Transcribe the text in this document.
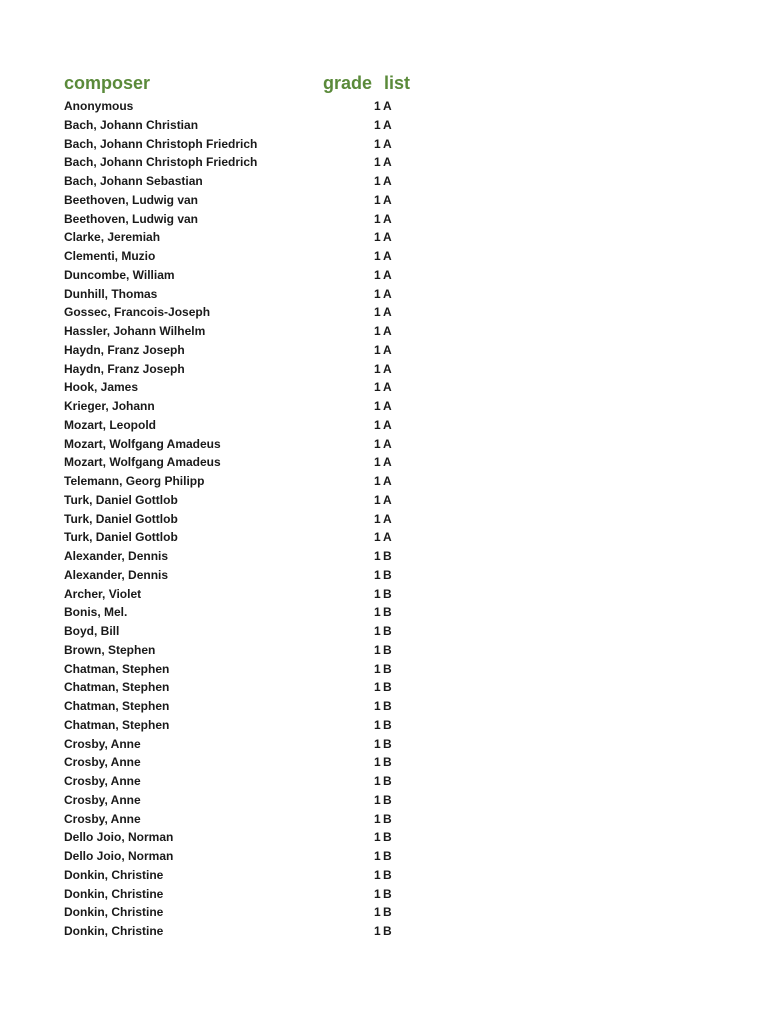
composer	grade list
Anonymous	1 A
Bach, Johann Christian	1 A
Bach, Johann Christoph Friedrich	1 A
Bach, Johann Christoph Friedrich	1 A
Bach, Johann Sebastian	1 A
Beethoven, Ludwig van	1 A
Beethoven, Ludwig van	1 A
Clarke, Jeremiah	1 A
Clementi, Muzio	1 A
Duncombe, William	1 A
Dunhill, Thomas	1 A
Gossec, Francois-Joseph	1 A
Hassler, Johann Wilhelm	1 A
Haydn, Franz Joseph	1 A
Haydn, Franz Joseph	1 A
Hook, James	1 A
Krieger, Johann	1 A
Mozart, Leopold	1 A
Mozart, Wolfgang Amadeus	1 A
Mozart, Wolfgang Amadeus	1 A
Telemann, Georg Philipp	1 A
Turk, Daniel Gottlob	1 A
Turk, Daniel Gottlob	1 A
Turk, Daniel Gottlob	1 A
Alexander, Dennis	1 B
Alexander, Dennis	1 B
Archer, Violet	1 B
Bonis, Mel.	1 B
Boyd, Bill	1 B
Brown, Stephen	1 B
Chatman, Stephen	1 B
Chatman, Stephen	1 B
Chatman, Stephen	1 B
Chatman, Stephen	1 B
Crosby, Anne	1 B
Crosby, Anne	1 B
Crosby, Anne	1 B
Crosby, Anne	1 B
Crosby, Anne	1 B
Dello Joio, Norman	1 B
Dello Joio, Norman	1 B
Donkin, Christine	1 B
Donkin, Christine	1 B
Donkin, Christine	1 B
Donkin, Christine	1 B
